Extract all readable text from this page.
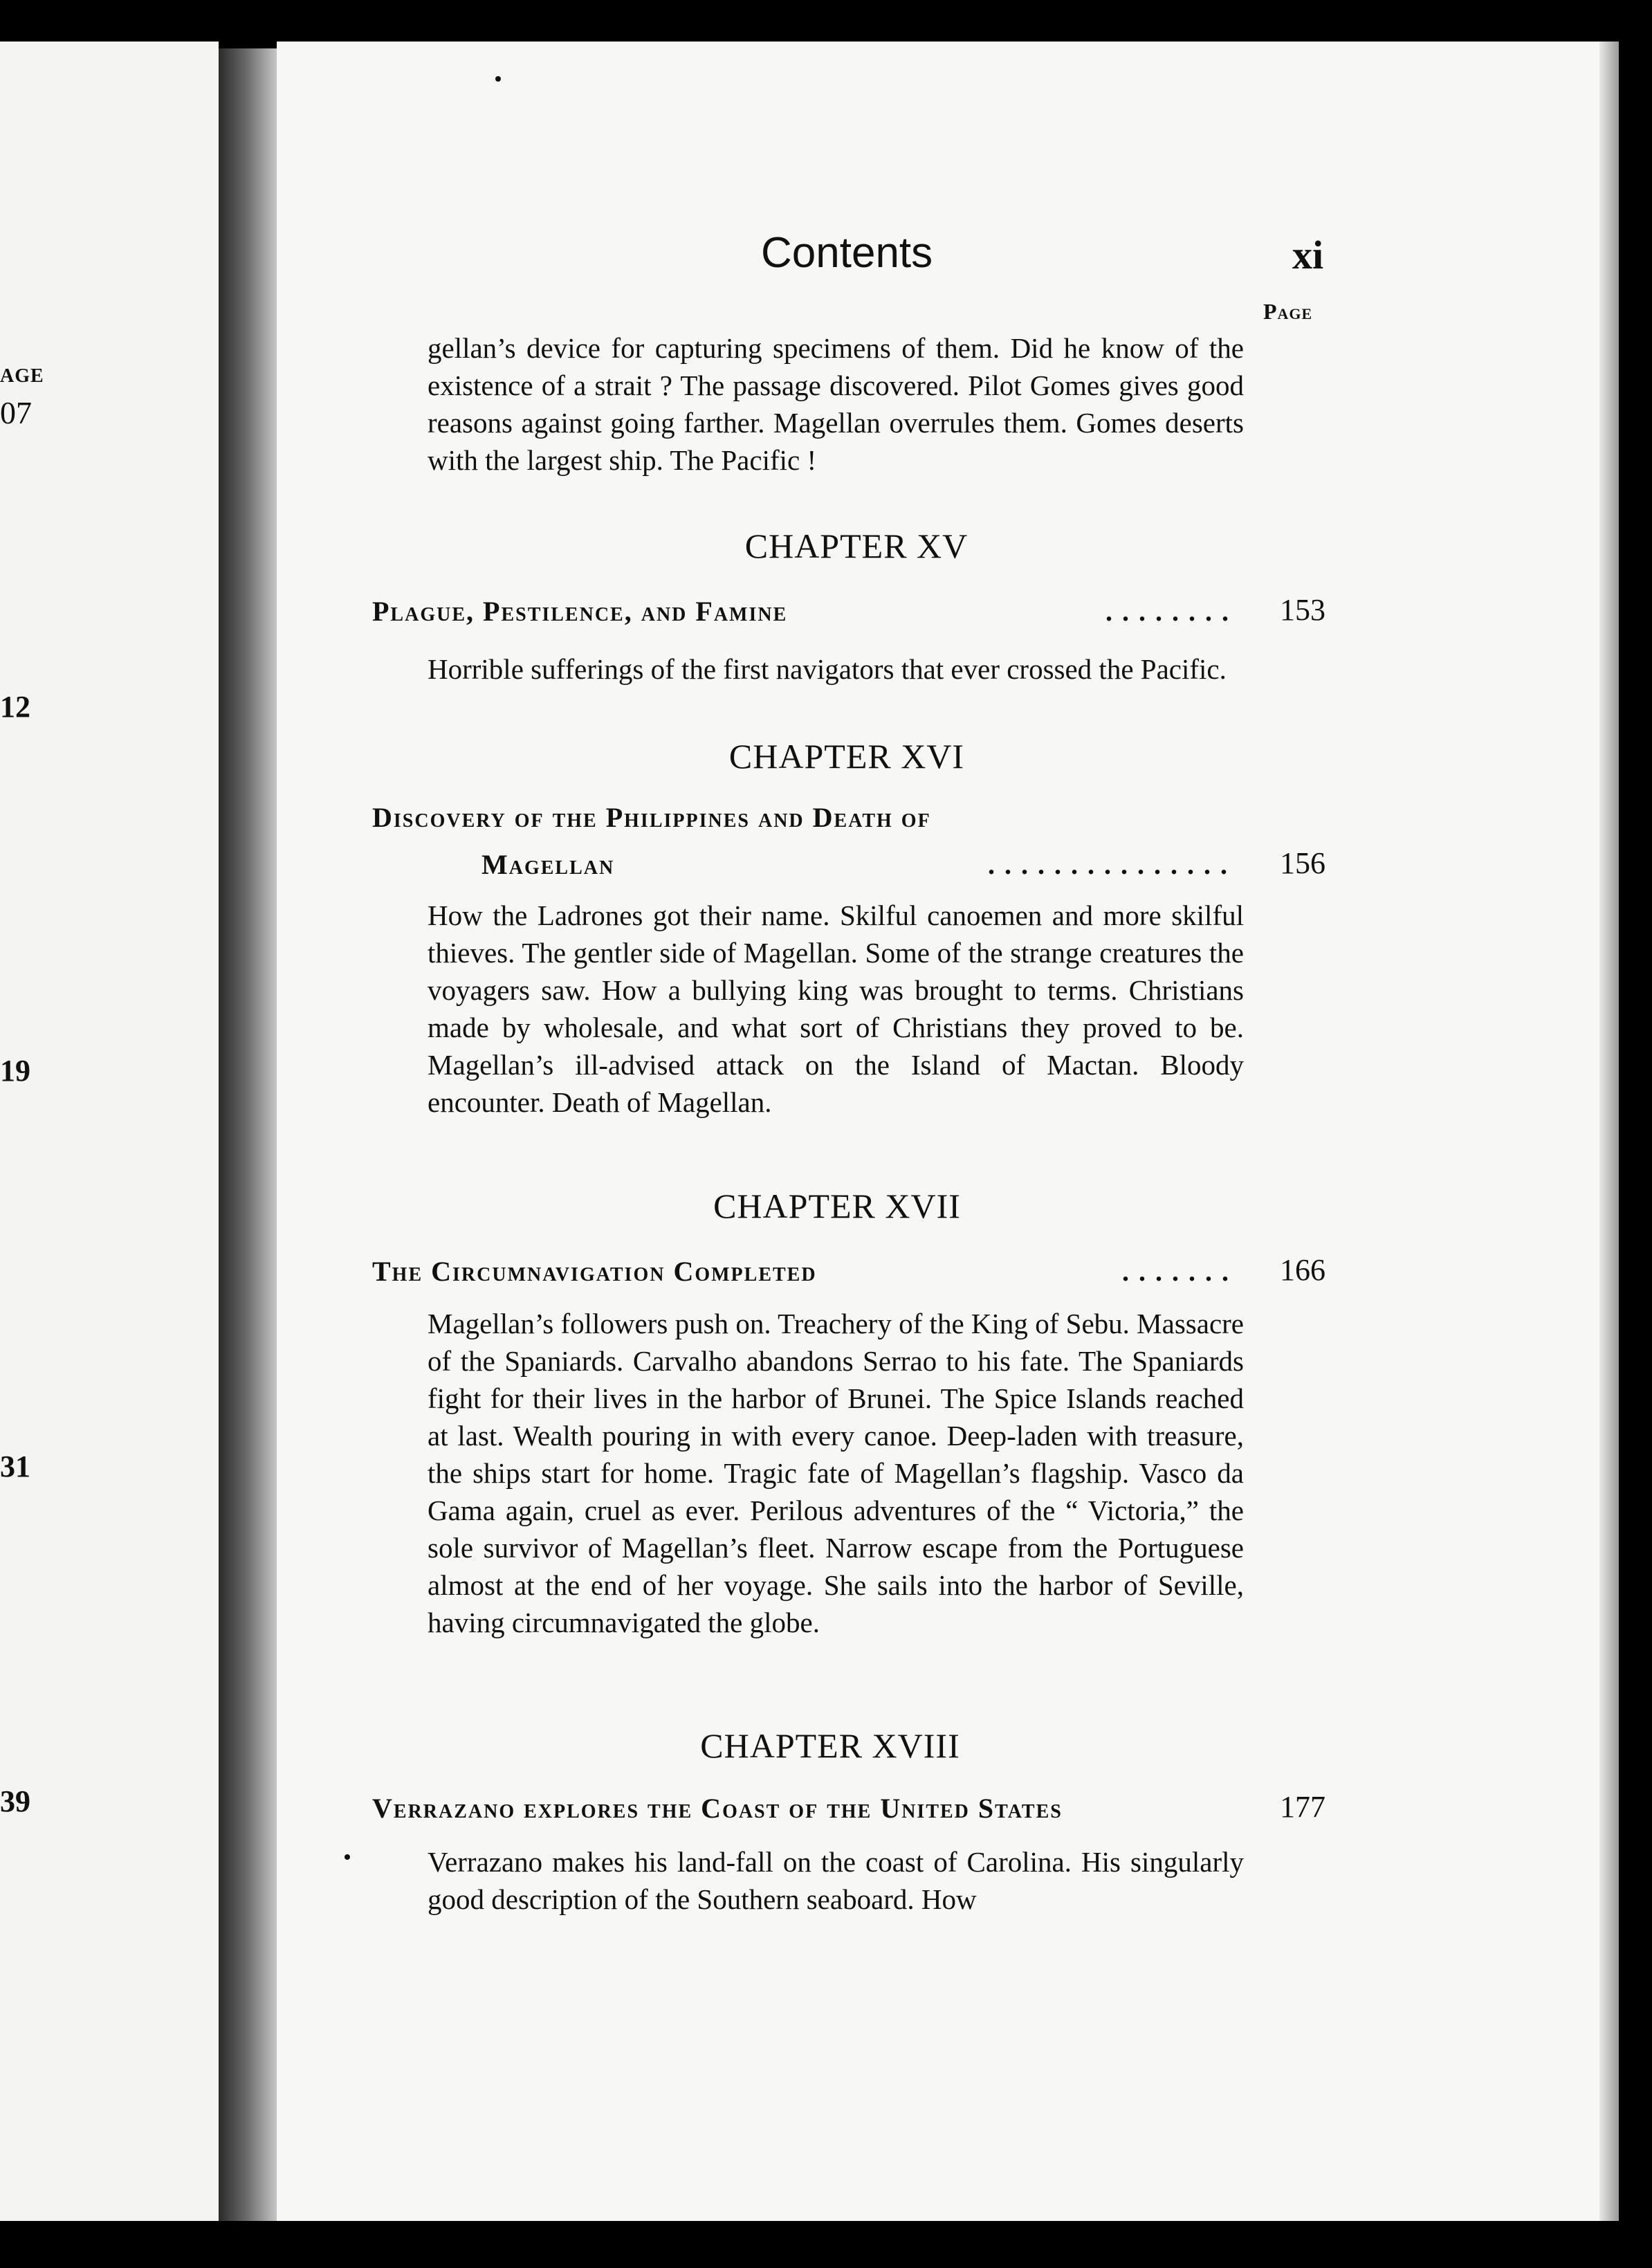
AGE
07
12
19
31
39
Contents	xi
Page
gellan’s device for capturing specimens of them. Did he know of the existence of a strait ? The passage discovered. Pilot Gomes gives good reasons against going farther. Magellan overrules them. Gomes deserts with the largest ship. The Pacific !
CHAPTER XV
Plague, Pestilence, and Famine	. . . . . . . . 153
Horrible sufferings of the first navigators that ever crossed the Pacific.
CHAPTER XVI
Discovery of the Philippines and Death of
Magellan	. . . . . . . . . . . . . . . 156
How the Ladrones got their name. Skilful canoemen and more skilful thieves. The gentler side of Magellan. Some of the strange creatures the voyagers saw. How a bullying king was brought to terms. Christians made by wholesale, and what sort of Christians they proved to be. Magellan’s ill-advised attack on the Island of Mactan. Bloody encounter. Death of Magellan.
CHAPTER XVII
The Circumnavigation Completed	. . . . . . . 166
Magellan’s followers push on. Treachery of the King of Sebu. Massacre of the Spaniards. Carvalho abandons Serrao to his fate. The Spaniards fight for their lives in the harbor of Brunei. The Spice Islands reached at last. Wealth pouring in with every canoe. Deep-laden with treasure, the ships start for home. Tragic fate of Magellan’s flagship. Vasco da Gama again, cruel as ever. Perilous adventures of the “ Victoria,” the sole survivor of Magellan’s fleet. Narrow escape from the Portuguese almost at the end of her voyage. She sails into the harbor of Seville, having circumnavigated the globe.
CHAPTER XVIII
Verrazano explores the Coast of the United States	177
Verrazano makes his land-fall on the coast of Carolina. His singularly good description of the Southern seaboard. How
